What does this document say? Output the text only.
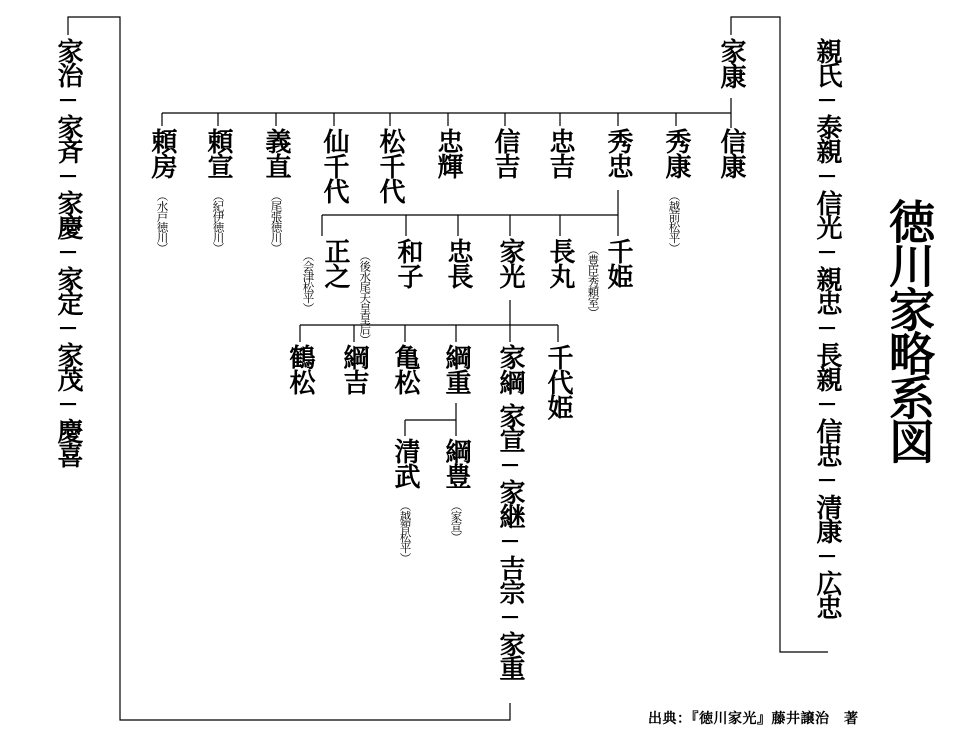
徳川家略系図
親氏─泰親─信光─親忠─長親─信忠─清康─広忠
家康
信康
秀康
（越前松平）
秀忠
忠吉
信吉
忠輝
松千代
仙千代
義直
（尾張徳川）
頼宣
（紀伊徳川）
頼房
（水戸徳川）
千姫
（豊臣秀頼室）
長丸
家光
忠長
和子
（後水尾天皇皇后）
正之
（会津松平）
千代姫
家綱
綱重
亀松
綱吉
鶴松
綱豊
（家宣）
清武
（越智松平）	家宣─家継─吉宗─家重
家治─家斉─家慶─家定─家茂─慶喜
出典：『徳川家光』藤井譲治　著
